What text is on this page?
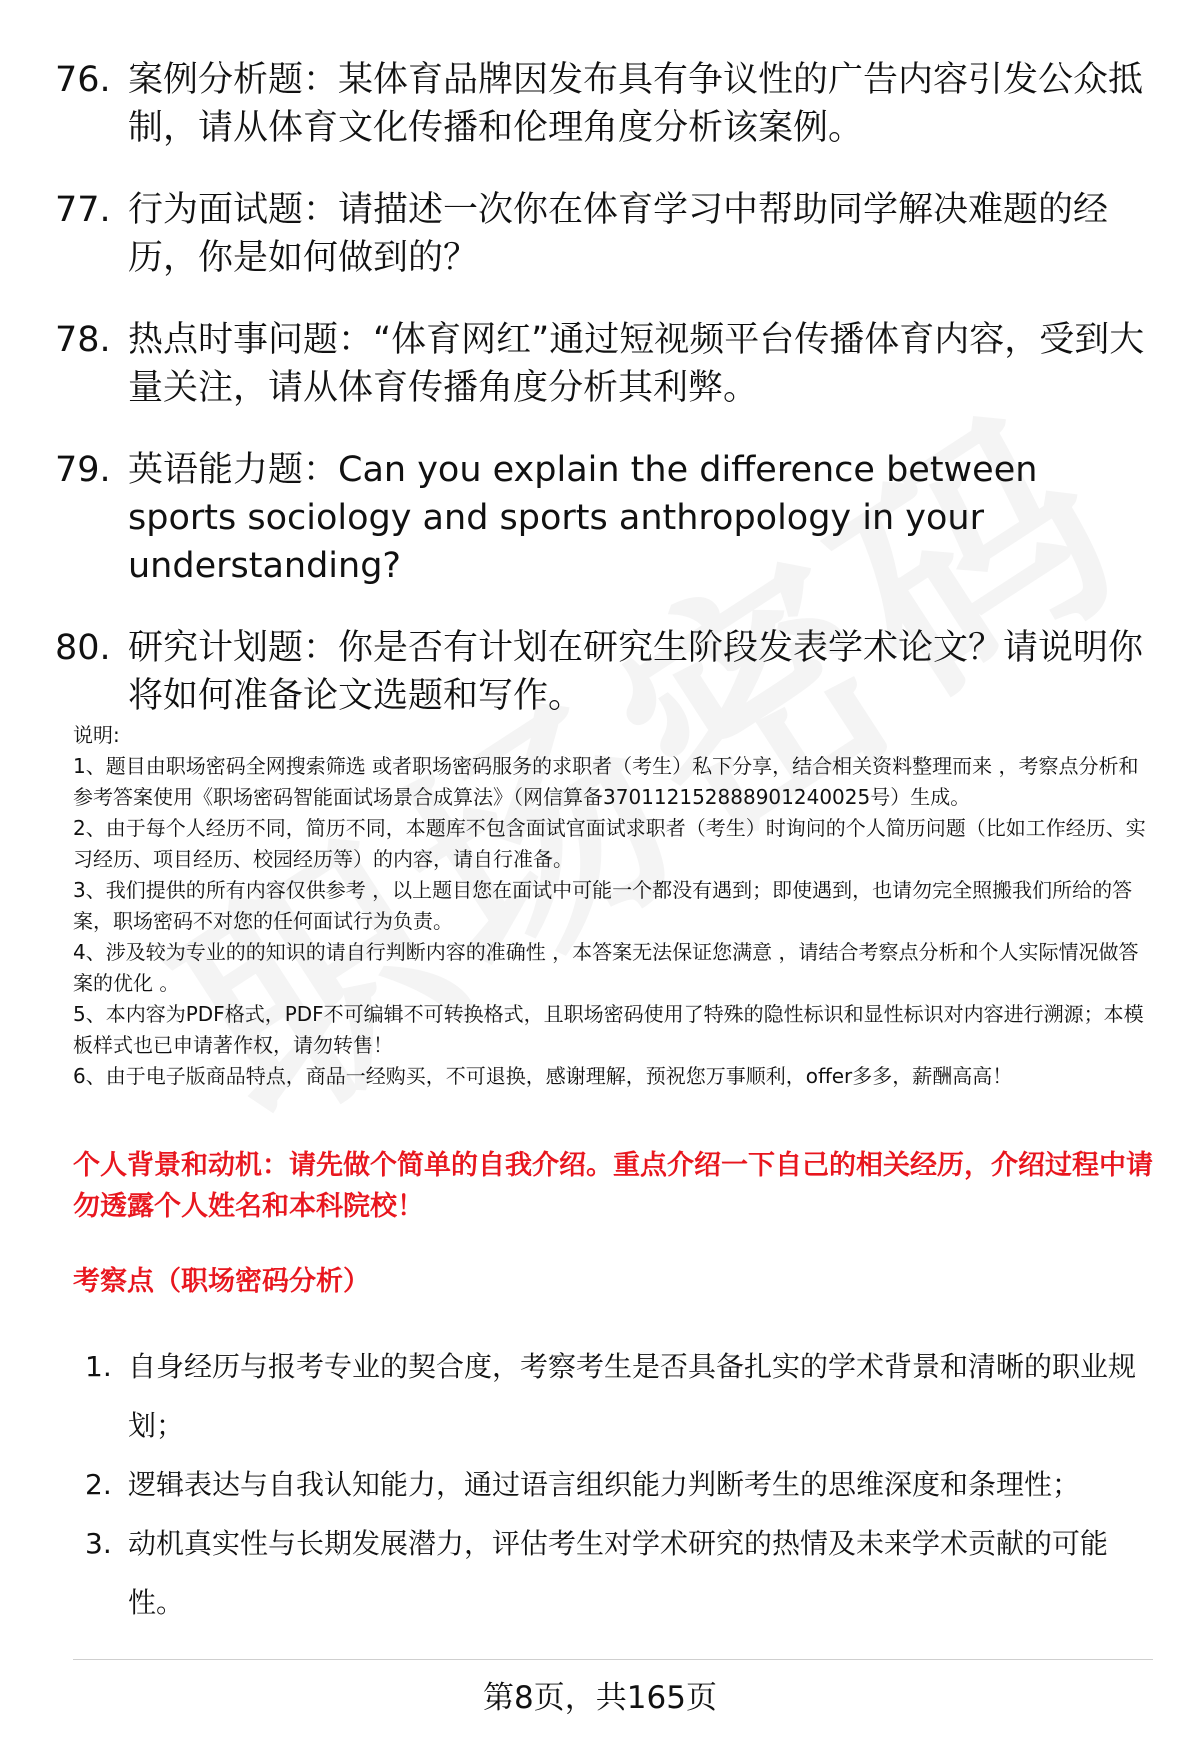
76. 案例分析题：某体育品牌因发布具有争议性的广告内容引发公众抵制，请从体育文化传播和伦理角度分析该案例。
77. 行为面试题：请描述一次你在体育学习中帮助同学解决难题的经历，你是如何做到的？
78. 热点时事问题：“体育网红”通过短视频平台传播体育内容，受到大量关注，请从体育传播角度分析其利弊。
79. 英语能力题：Can you explain the difference between sports sociology and sports anthropology in your understanding?
80. 研究计划题：你是否有计划在研究生阶段发表学术论文？请说明你将如何准备论文选题和写作。

说明:

1、题目由职场密码全网搜索筛选 或者职场密码服务的求职者（考生）私下分享，结合相关资料整理而来 ，考察点分析和参考答案使用《职场密码智能面试场景合成算法》（网信算备370112152888901240025号）生成。

2、由于每个人经历不同，简历不同，本题库不包含面试官面试求职者（考生）时询问的个人简历问题（比如工作经历、实习经历、项目经历、校园经历等）的内容，请自行准备。

3、我们提供的所有内容仅供参考 ，以上题目您在面试中可能一个都没有遇到；即使遇到，也请勿完全照搬我们所给的答案，职场密码不对您的任何面试行为负责。

4、涉及较为专业的的知识的请自行判断内容的准确性 ，本答案无法保证您满意 ，请结合考察点分析和个人实际情况做答案的优化 。

5、本内容为PDF格式，PDF不可编辑不可转换格式，且职场密码使用了特殊的隐性标识和显性标识对内容进行溯源；本模板样式也已申请著作权，请勿转售！

6、由于电子版商品特点，商品一经购买，不可退换，感谢理解，预祝您万事顺利，offer多多，薪酬高高！

个人背景和动机：请先做个简单的自我介绍。重点介绍一下自己的相关经历，介绍过程中请勿透露个人姓名和本科院校！
考察点（职场密码分析）
1. 自身经历与报考专业的契合度，考察考生是否具备扎实的学术背景和清晰的职业规划；
2. 逻辑表达与自我认知能力，通过语言组织能力判断考生的思维深度和条理性；
3. 动机真实性与长期发展潜力，评估考生对学术研究的热情及未来学术贡献的可能性。
第8页，共165页
